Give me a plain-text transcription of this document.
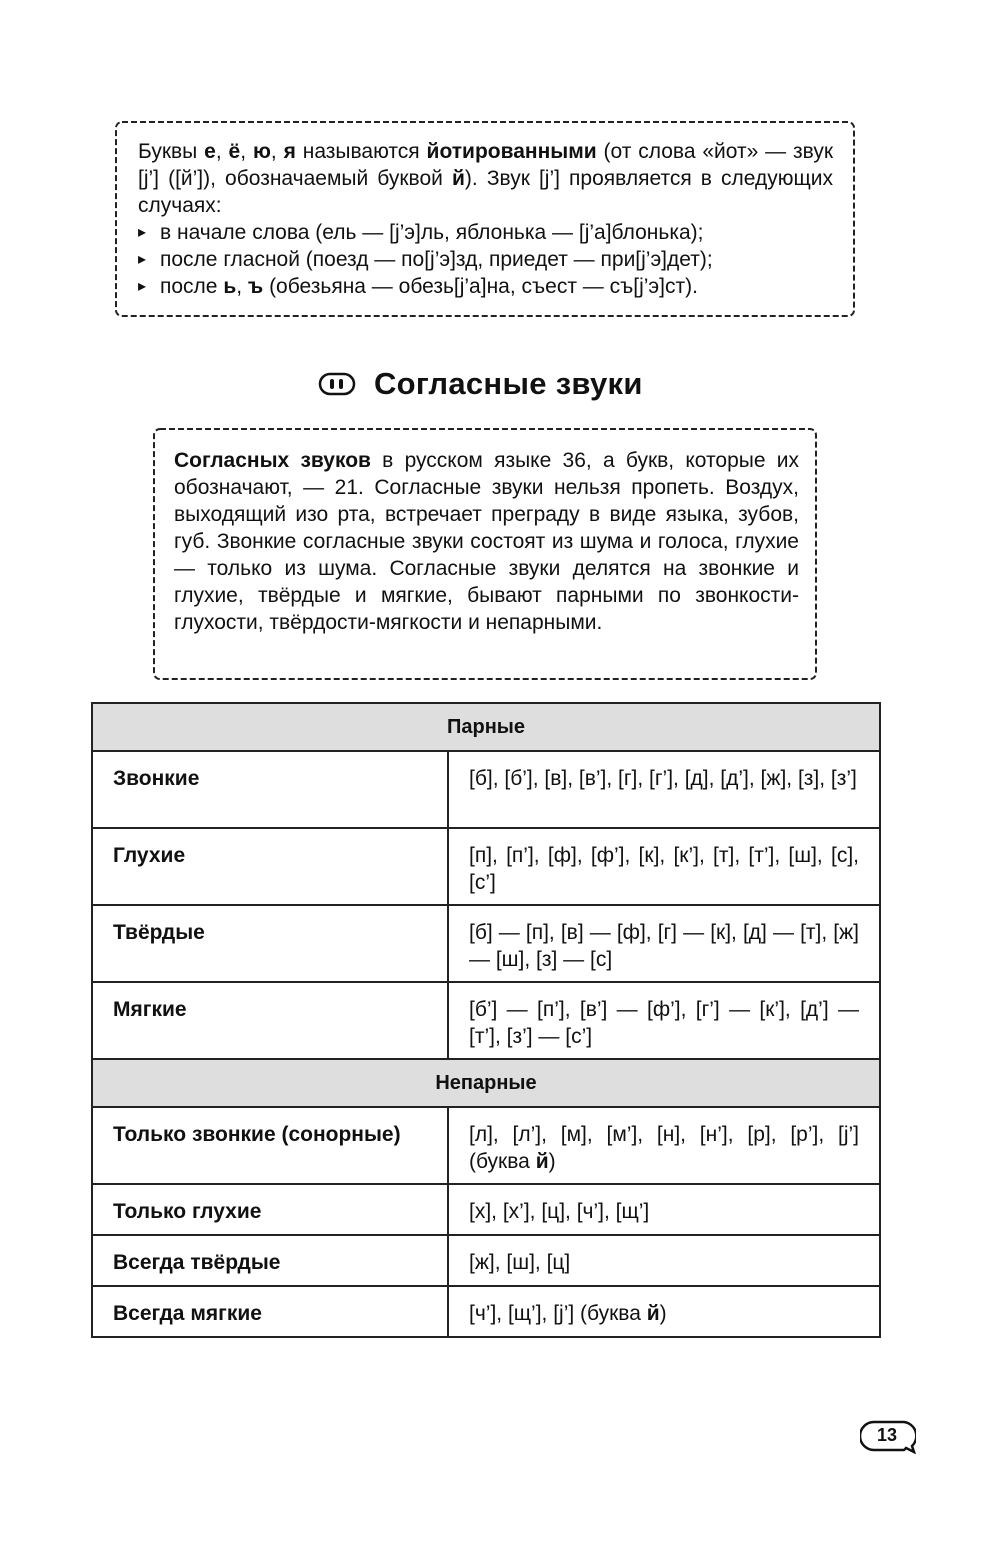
Буквы е, ё, ю, я называются йотированными (от слова «йот» — звук [j’] ([й’]), обозначаемый буквой й). Звук [j’] проявляется в следующих случаях:

▸ в начале слова (ель — [j’э]ль, яблонька — [j’а]блонька);
▸ после гласной (поезд — по[j’э]зд, приедет — при[j’э]дет);
▸ после ь, ъ (обезьяна — обезь[j’а]на, съест — съ[j’э]ст).
Согласные звуки

Согласных звуков в русском языке 36, а букв, которые их обозначают, — 21. Согласные звуки нельзя пропеть. Воздух, выходящий изо рта, встречает преграду в виде языка, зубов, губ. Звонкие согласные звуки состоят из шума и голоса, глухие — только из шума. Согласные звуки делятся на звонкие и глухие, твёрдые и мягкие, бывают парными по звонкости-глухости, твёрдости-мягкости и непарными.

Парные	
Звонкие	[б], [б’], [в], [в’], [г], [г’], [д], [д’], [ж], [з], [з’]
Глухие	[п], [п’], [ф], [ф’], [к], [к’], [т], [т’], [ш], [с], [с’]
Твёрдые	[б] — [п], [в] — [ф], [г] — [к], [д] — [т], [ж] — [ш], [з] — [с]
Мягкие	[б’] — [п’], [в’] — [ф’], [г’] — [к’], [д’] — [т’], [з’] — [с’]
Непарные	
Только звонкие (сонорные)	[л], [л’], [м], [м’], [н], [н’], [р], [р’], [j’] (буква й)
Только глухие	[х], [х’], [ц], [ч’], [щ’]
Всегда твёрдые	[ж], [ш], [ц]
Всегда мягкие	[ч’], [щ’], [j’] (буква й)
13
